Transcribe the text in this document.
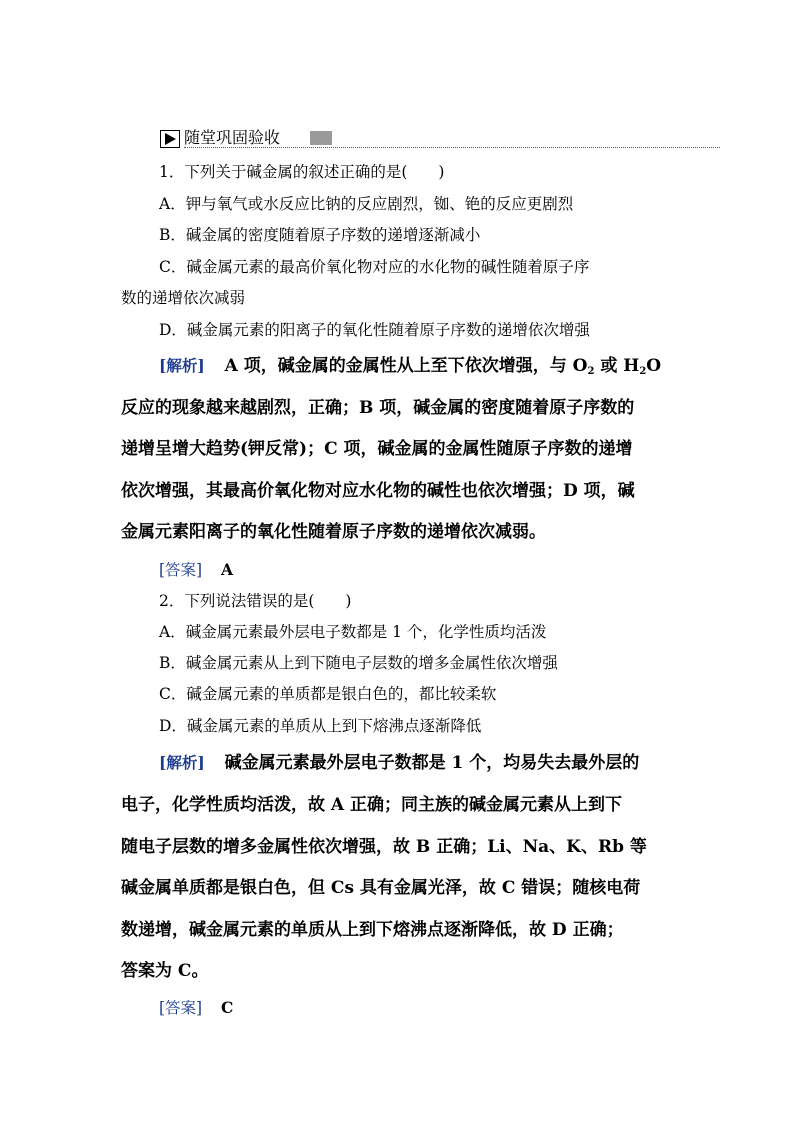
随堂巩固验收
1．下列关于碱金属的叙述正确的是(　　)
A．钾与氧气或水反应比钠的反应剧烈，铷、铯的反应更剧烈
B．碱金属的密度随着原子序数的递增逐渐减小
C．碱金属元素的最高价氧化物对应的水化物的碱性随着原子序
数的递增依次减弱
D．碱金属元素的阳离子的氧化性随着原子序数的递增依次增强
[解析] A 项，碱金属的金属性从上至下依次增强，与 $O_2$ 或 $H_2O$
反应的现象越来越剧烈，正确；B 项，碱金属的密度随着原子序数的
递增呈增大趋势(钾反常)；C 项，碱金属的金属性随原子序数的递增
依次增强，其最高价氧化物对应水化物的碱性也依次增强；D 项，碱
金属元素阳离子的氧化性随着原子序数的递增依次减弱。
[答案] A
2．下列说法错误的是(　　)
A．碱金属元素最外层电子数都是 1 个，化学性质均活泼
B．碱金属元素从上到下随电子层数的增多金属性依次增强
C．碱金属元素的单质都是银白色的，都比较柔软
D．碱金属元素的单质从上到下熔沸点逐渐降低
[解析] 碱金属元素最外层电子数都是 1 个，均易失去最外层的
电子，化学性质均活泼，故 A 正确；同主族的碱金属元素从上到下
随电子层数的增多金属性依次增强，故 B 正确；Li、Na、K、Rb 等
碱金属单质都是银白色，但 Cs 具有金属光泽，故 C 错误；随核电荷
数递增，碱金属元素的单质从上到下熔沸点逐渐降低，故 D 正确；
答案为 C。
[答案] C
